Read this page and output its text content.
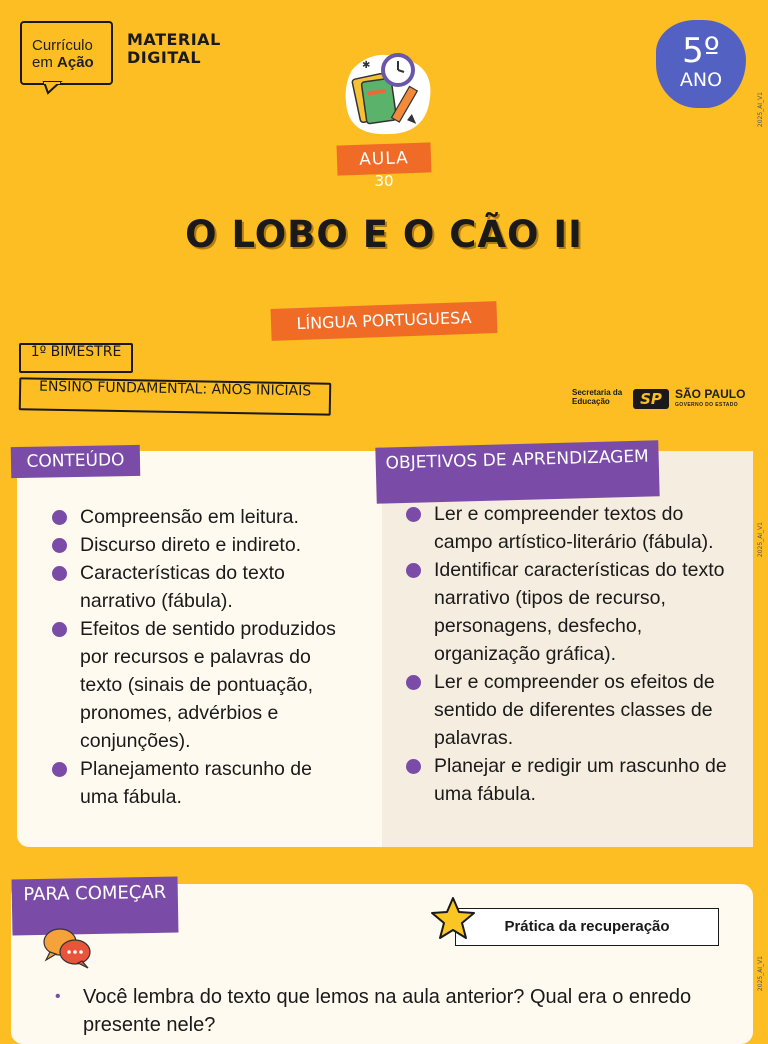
Currículo
em Ação
MATERIAL
DIGITAL	5º
ANO
2025_AI_V1
2025_AI_V1
2025_AI_V1
✱
AULA
30
O LOBO E O CÃO II
LÍNGUA PORTUGUESA
1º BIMESTRE
ENSINO FUNDAMENTAL: ANOS INICIAIS	Secretaria da
Educação	SP	SÃO PAULO
GOVERNO DO ESTADO
CONTEÚDO	OBJETIVOS DE APRENDIZAGEM
Compreensão em leitura.
Discurso direto e indireto.
Características do texto narrativo (fábula).
Efeitos de sentido produzidos por recursos e palavras do texto (sinais de pontuação, pronomes, advérbios e conjunções).
Planejamento rascunho de uma fábula.
Ler e compreender textos do campo artístico-literário (fábula).
Identificar características do texto narrativo (tipos de recurso, personagens, desfecho, organização gráfica).
Ler e compreender os efeitos de sentido de diferentes classes de palavras.
Planejar e redigir um rascunho de uma fábula.
PARA COMEÇAR
Prática da recuperação
• Você lembra do texto que lemos na aula anterior? Qual era o enredo presente nele?
